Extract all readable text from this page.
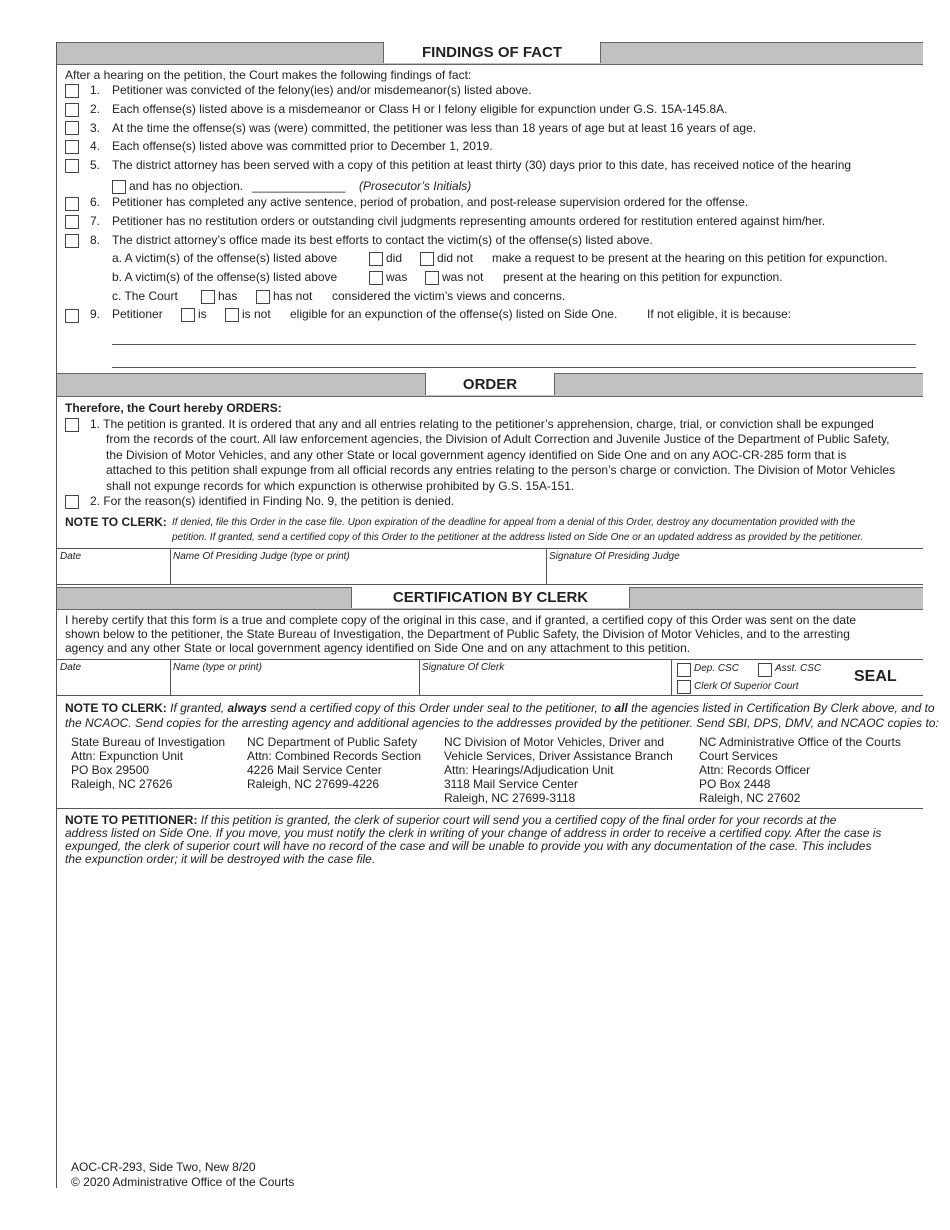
FINDINGS OF FACT
After a hearing on the petition, the Court makes the following findings of fact:
1. Petitioner was convicted of the felony(ies) and/or misdemeanor(s) listed above.
2. Each offense(s) listed above is a misdemeanor or Class H or I felony eligible for expunction under G.S. 15A-145.8A.
3. At the time the offense(s) was (were) committed, the petitioner was less than 18 years of age but at least 16 years of age.
4. Each offense(s) listed above was committed prior to December 1, 2019.
5. The district attorney has been served with a copy of this petition at least thirty (30) days prior to this date, has received notice of the hearing
and has no objection. ______________ (Prosecutor’s Initials)
6. Petitioner has completed any active sentence, period of probation, and post-release supervision ordered for the offense.
7. Petitioner has no restitution orders or outstanding civil judgments representing amounts ordered for restitution entered against him/her.
8. The district attorney’s office made its best efforts to contact the victim(s) of the offense(s) listed above.
a. A victim(s) of the offense(s) listed above	did	did not make a request to be present at the hearing on this petition for expunction.
b. A victim(s) of the offense(s) listed above	was	was not present at the hearing on this petition for expunction.
c. The Court	has	has not considered the victim’s views and concerns.
9. Petitioner	is	is not eligible for an expunction of the offense(s) listed on Side One. If not eligible, it is because:
ORDER
Therefore, the Court hereby ORDERS:
1. The petition is granted. It is ordered that any and all entries relating to the petitioner’s apprehension, charge, trial, or conviction shall be expunged
from the records of the court. All law enforcement agencies, the Division of Adult Correction and Juvenile Justice of the Department of Public Safety,
the Division of Motor Vehicles, and any other State or local government agency identified on Side One and on any AOC-CR-285 form that is
attached to this petition shall expunge from all official records any entries relating to the person’s charge or conviction. The Division of Motor Vehicles
shall not expunge records for which expunction is otherwise prohibited by G.S. 15A-151.
2. For the reason(s) identified in Finding No. 9, the petition is denied.
NOTE TO CLERK: If denied, file this Order in the case file. Upon expiration of the deadline for appeal from a denial of this Order, destroy any documentation provided with the
petition. If granted, send a certified copy of this Order to the petitioner at the address listed on Side One or an updated address as provided by the petitioner.
Date	Name Of Presiding Judge (type or print)	Signature Of Presiding Judge
CERTIFICATION BY CLERK
I hereby certify that this form is a true and complete copy of the original in this case, and if granted, a certified copy of this Order was sent on the date
shown below to the petitioner, the State Bureau of Investigation, the Department of Public Safety, the Division of Motor Vehicles, and to the arresting
agency and any other State or local government agency identified on Side One and on any attachment to this petition.
Date	Name (type or print)	Signature Of Clerk	Dep. CSC	Asst. CSC
Clerk Of Superior Court
SEAL
NOTE TO CLERK: If granted, always send a certified copy of this Order under seal to the petitioner, to all the agencies listed in Certification By Clerk above, and to
the NCAOC. Send copies for the arresting agency and additional agencies to the addresses provided by the petitioner. Send SBI, DPS, DMV, and NCAOC copies to:
State Bureau of Investigation
Attn: Expunction Unit
PO Box 29500
Raleigh, NC 27626
NC Department of Public Safety
Attn: Combined Records Section
4226 Mail Service Center
Raleigh, NC 27699-4226
NC Division of Motor Vehicles, Driver and
Vehicle Services, Driver Assistance Branch
Attn: Hearings/Adjudication Unit
3118 Mail Service Center
Raleigh, NC 27699-3118
NC Administrative Office of the Courts
Court Services
Attn: Records Officer
PO Box 2448
Raleigh, NC 27602
NOTE TO PETITIONER: If this petition is granted, the clerk of superior court will send you a certified copy of the final order for your records at the
address listed on Side One. If you move, you must notify the clerk in writing of your change of address in order to receive a certified copy. After the case is
expunged, the clerk of superior court will have no record of the case and will be unable to provide you with any documentation of the case. This includes
the expunction order; it will be destroyed with the case file.
AOC-CR-293, Side Two, New 8/20
© 2020 Administrative Office of the Courts
